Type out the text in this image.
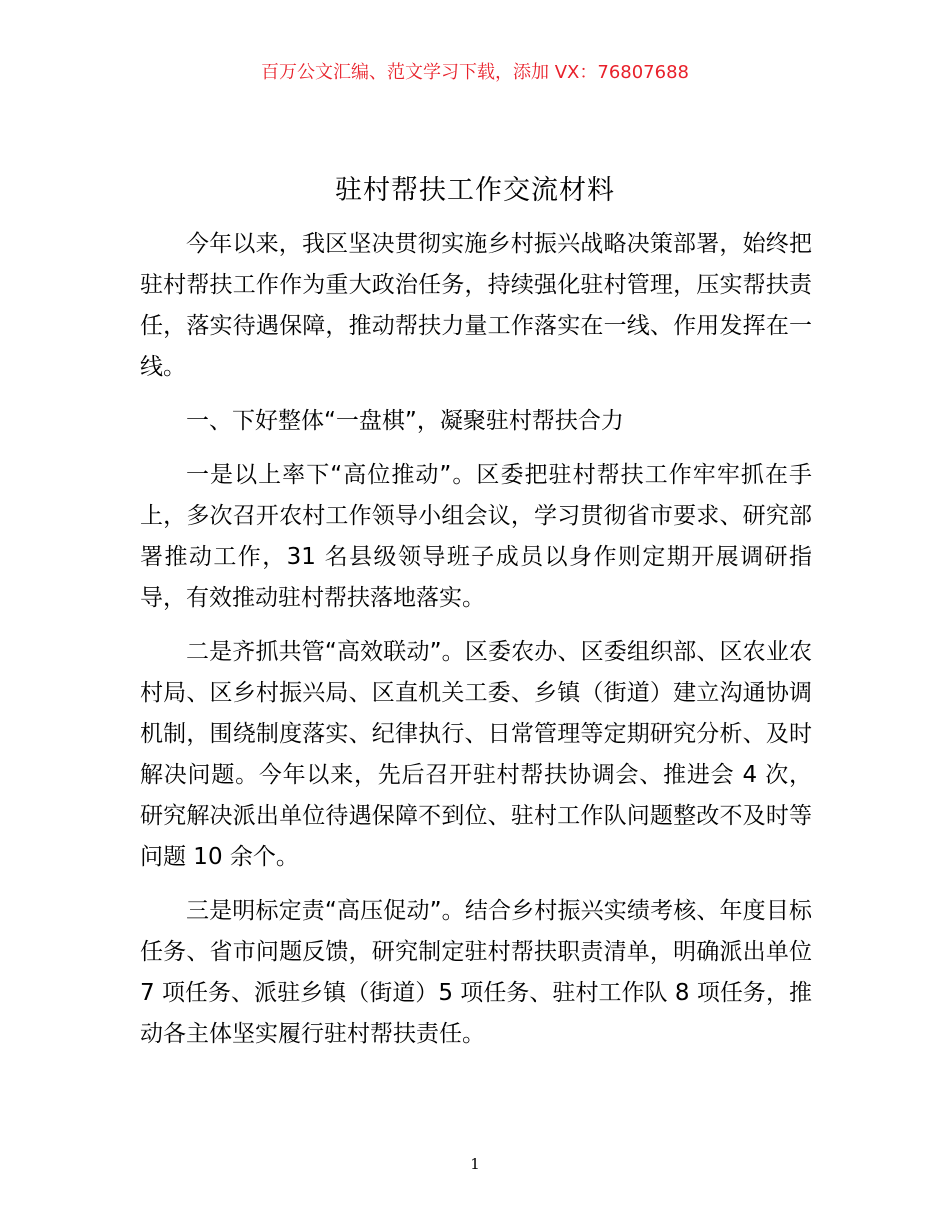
百万公文汇编、范文学习下载，添加 VX：76807688
驻村帮扶工作交流材料

今年以来，我区坚决贯彻实施乡村振兴战略决策部署，始终把驻村帮扶工作作为重大政治任务，持续强化驻村管理，压实帮扶责任，落实待遇保障，推动帮扶力量工作落实在一线、作用发挥在一线。

一、下好整体“一盘棋”，凝聚驻村帮扶合力

一是以上率下“高位推动”。区委把驻村帮扶工作牢牢抓在手上，多次召开农村工作领导小组会议，学习贯彻省市要求、研究部署推动工作，31 名县级领导班子成员以身作则定期开展调研指导，有效推动驻村帮扶落地落实。

二是齐抓共管“高效联动”。区委农办、区委组织部、区农业农村局、区乡村振兴局、区直机关工委、乡镇（街道）建立沟通协调机制，围绕制度落实、纪律执行、日常管理等定期研究分析、及时解决问题。今年以来，先后召开驻村帮扶协调会、推进会 4 次，研究解决派出单位待遇保障不到位、驻村工作队问题整改不及时等问题 10 余个。

三是明标定责“高压促动”。结合乡村振兴实绩考核、年度目标任务、省市问题反馈，研究制定驻村帮扶职责清单，明确派出单位 7 项任务、派驻乡镇（街道）5 项任务、驻村工作队 8 项任务，推动各主体坚实履行驻村帮扶责任。

1
